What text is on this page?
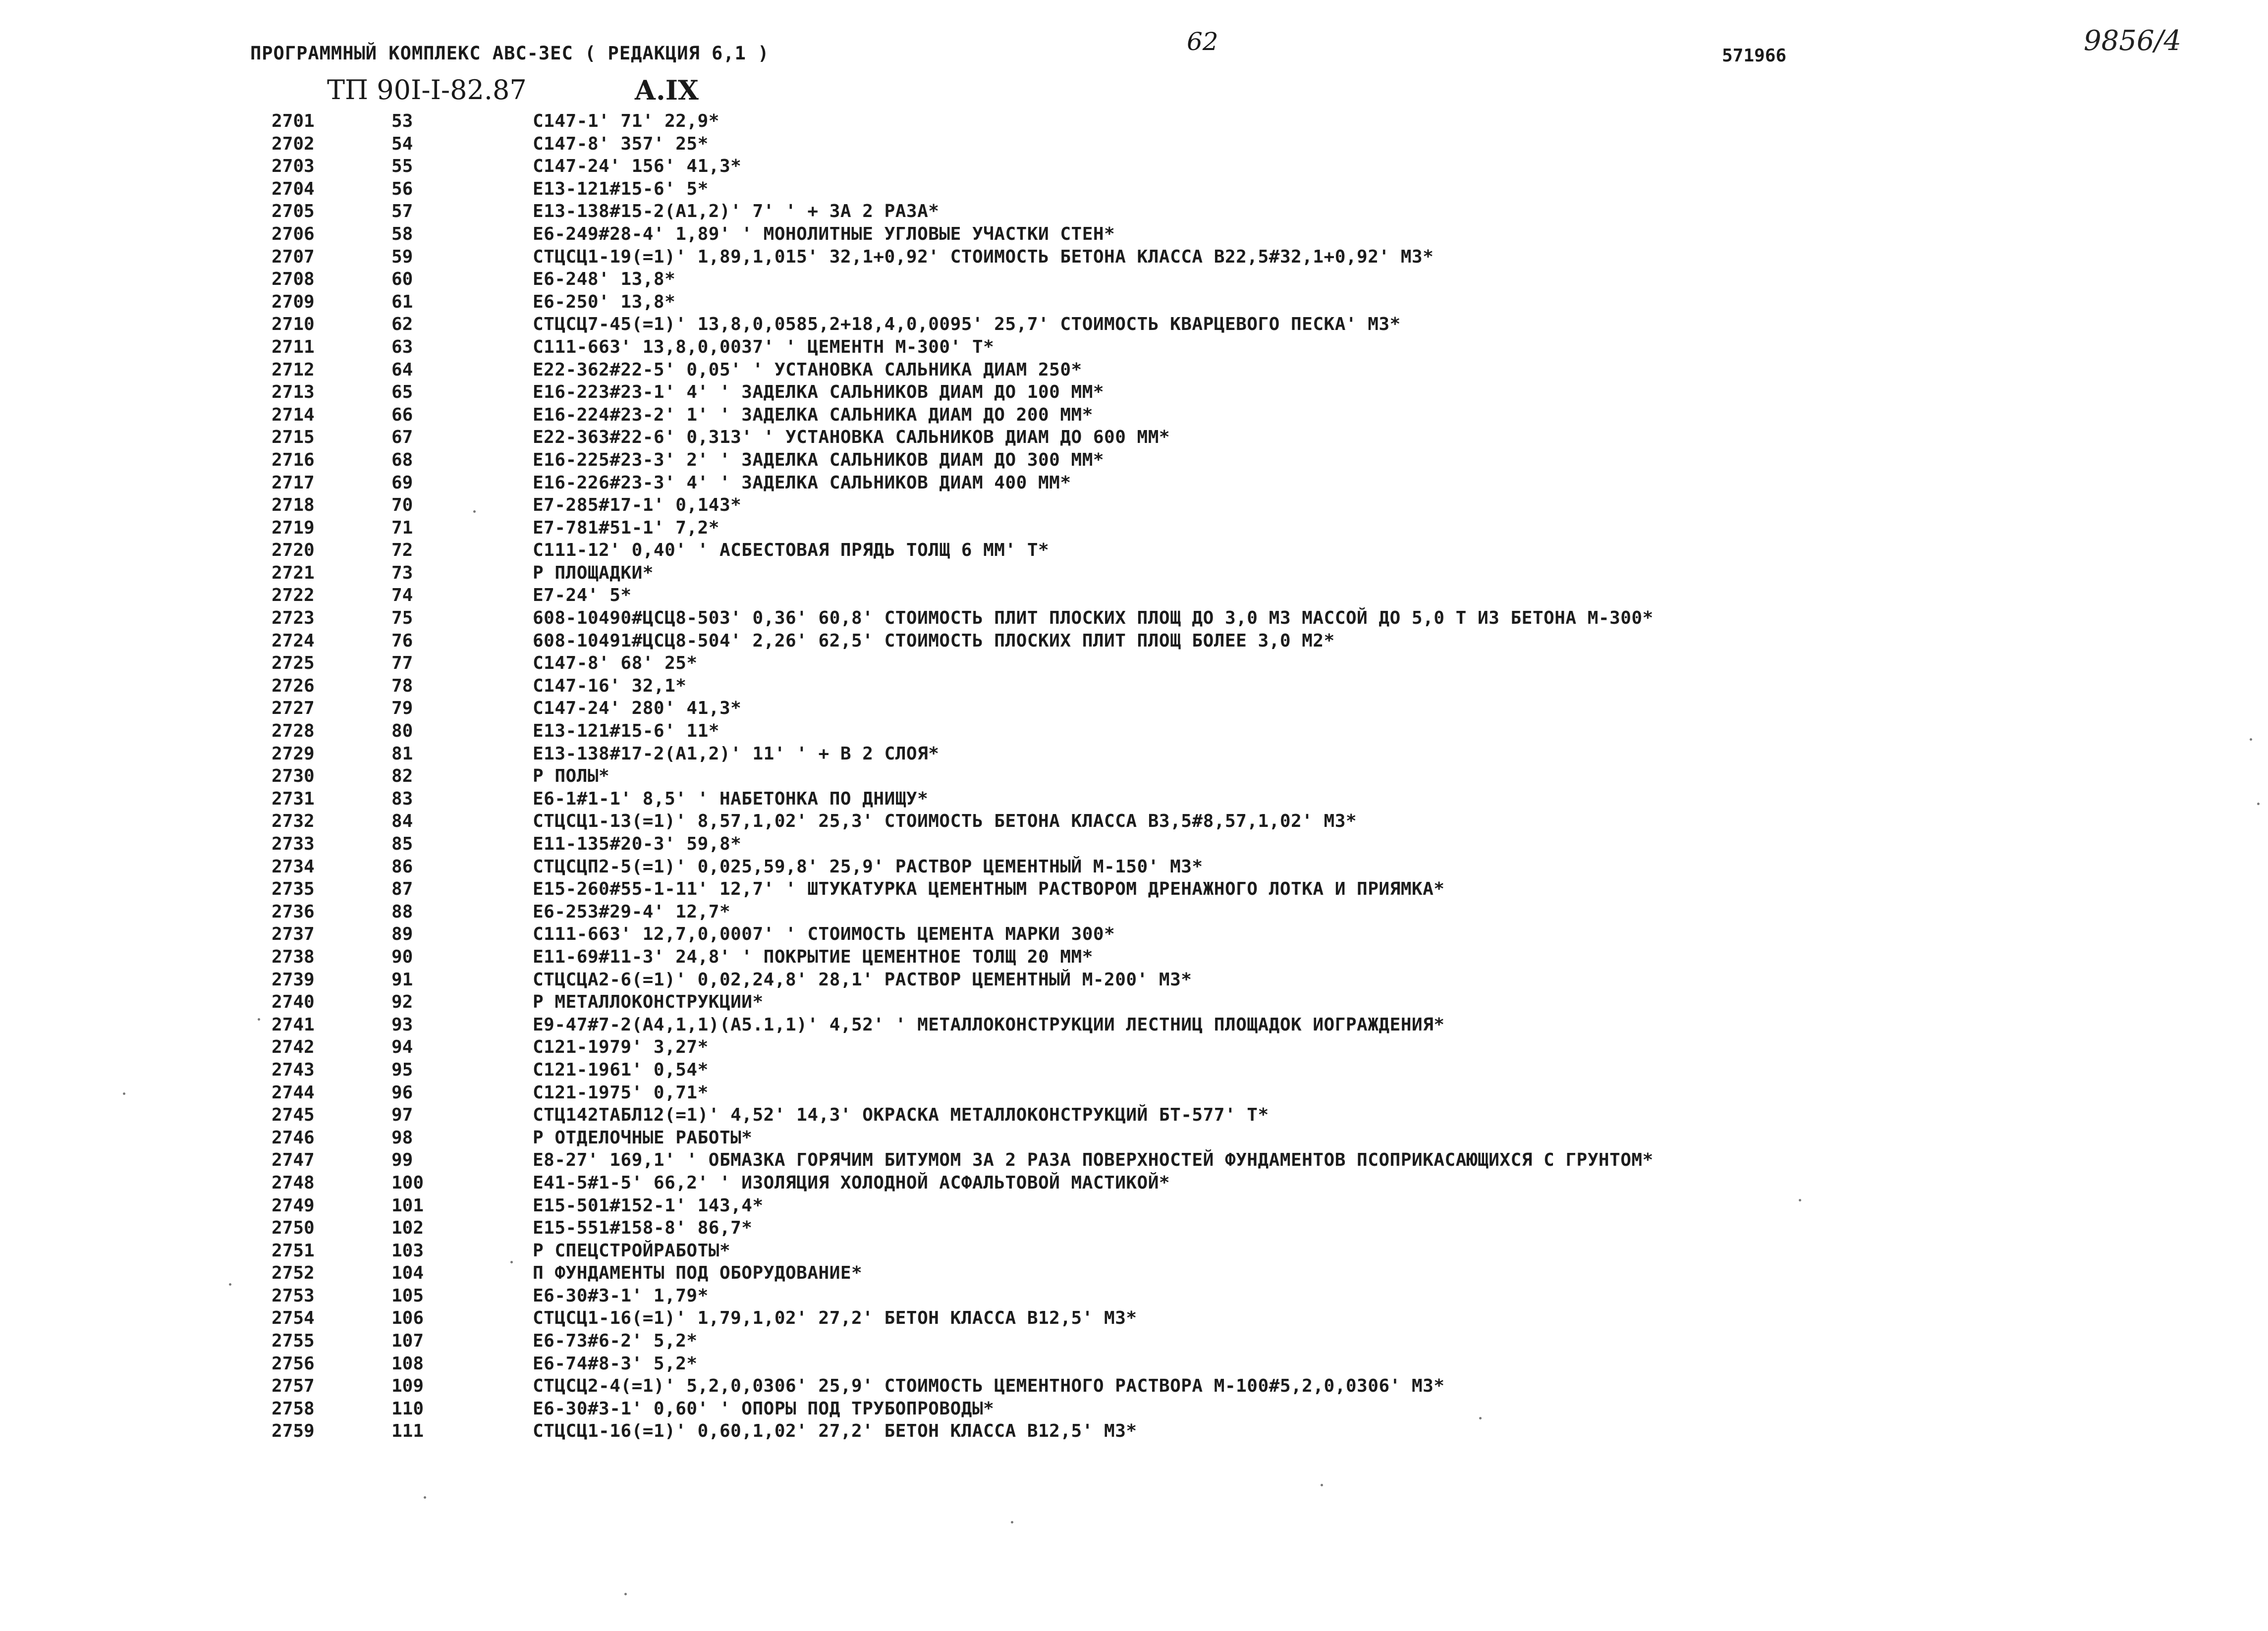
ПРОГРАММНЫЙ КОМПЛЕКС АВС-ЗЕС ( РЕДАКЦИЯ 6,1 )	62	571966	9856/4
ТП 90I-I-82.87	А.IX
2701	53	С147-1' 71' 22,9*
2702	54	С147-8' 357' 25*
2703	55	С147-24' 156' 41,3*
2704	56	Е13-121#15-6' 5*
2705	57	Е13-138#15-2(А1,2)' 7' ' + ЗА 2 РАЗА*
2706	58	Е6-249#28-4' 1,89' ' МОНОЛИТНЫЕ УГЛОВЫЕ УЧАСТКИ СТЕН*
2707	59	СТЦСЦ1-19(=1)' 1,89,1,015' 32,1+0,92' СТОИМОСТЬ БЕТОНА КЛАССА В22,5#32,1+0,92' М3*
2708	60	Е6-248' 13,8*
2709	61	Е6-250' 13,8*
2710	62	СТЦСЦ7-45(=1)' 13,8,0,0585,2+18,4,0,0095' 25,7' СТОИМОСТЬ КВАРЦЕВОГО ПЕСКА' М3*
2711	63	С111-663' 13,8,0,0037' ' ЦЕМЕНТН М-300' Т*
2712	64	Е22-362#22-5' 0,05' ' УСТАНОВКА САЛЬНИКА ДИАМ 250*
2713	65	Е16-223#23-1' 4' ' ЗАДЕЛКА САЛЬНИКОВ ДИАМ ДО 100 ММ*
2714	66	Е16-224#23-2' 1' ' ЗАДЕЛКА САЛЬНИКА ДИАМ ДО 200 ММ*
2715	67	Е22-363#22-6' 0,313' ' УСТАНОВКА САЛЬНИКОВ ДИАМ ДО 600 ММ*
2716	68	Е16-225#23-3' 2' ' ЗАДЕЛКА САЛЬНИКОВ ДИАМ ДО 300 ММ*
2717	69	Е16-226#23-3' 4' ' ЗАДЕЛКА САЛЬНИКОВ ДИАМ 400 ММ*
2718	70	Е7-285#17-1' 0,143*
2719	71	Е7-781#51-1' 7,2*
2720	72	С111-12' 0,40' ' АСБЕСТОВАЯ ПРЯДЬ ТОЛЩ 6 ММ' Т*
2721	73	Р ПЛОЩАДКИ*
2722	74	Е7-24' 5*
2723	75	608-10490#ЦСЦ8-503' 0,36' 60,8' СТОИМОСТЬ ПЛИТ ПЛОСКИХ ПЛОЩ ДО 3,0 М3 МАССОЙ ДО 5,0 Т ИЗ БЕТОНА М-300*
2724	76	608-10491#ЦСЦ8-504' 2,26' 62,5' СТОИМОСТЬ ПЛОСКИХ ПЛИТ ПЛОЩ БОЛЕЕ 3,0 М2*
2725	77	С147-8' 68' 25*
2726	78	С147-16' 32,1*
2727	79	С147-24' 280' 41,3*
2728	80	Е13-121#15-6' 11*
2729	81	Е13-138#17-2(А1,2)' 11' ' + В 2 СЛОЯ*
2730	82	Р ПОЛЫ*
2731	83	Е6-1#1-1' 8,5' ' НАБЕТОНКА ПО ДНИЩУ*
2732	84	СТЦСЦ1-13(=1)' 8,57,1,02' 25,3' СТОИМОСТЬ БЕТОНА КЛАССА В3,5#8,57,1,02' М3*
2733	85	Е11-135#20-3' 59,8*
2734	86	СТЦСЦП2-5(=1)' 0,025,59,8' 25,9' РАСТВОР ЦЕМЕНТНЫЙ М-150' М3*
2735	87	Е15-260#55-1-11' 12,7' ' ШТУКАТУРКА ЦЕМЕНТНЫМ РАСТВОРОМ ДРЕНАЖНОГО ЛОТКА И ПРИЯМКА*
2736	88	Е6-253#29-4' 12,7*
2737	89	С111-663' 12,7,0,0007' ' СТОИМОСТЬ ЦЕМЕНТА МАРКИ 300*
2738	90	Е11-69#11-3' 24,8' ' ПОКРЫТИЕ ЦЕМЕНТНОЕ ТОЛЩ 20 ММ*
2739	91	СТЦСЦА2-6(=1)' 0,02,24,8' 28,1' РАСТВОР ЦЕМЕНТНЫЙ М-200' М3*
2740	92	Р МЕТАЛЛОКОНСТРУКЦИИ*
2741	93	Е9-47#7-2(А4,1,1)(А5.1,1)' 4,52' ' МЕТАЛЛОКОНСТРУКЦИИ ЛЕСТНИЦ ПЛОЩАДОК ИОГРАЖДЕНИЯ*
2742	94	С121-1979' 3,27*
2743	95	С121-1961' 0,54*
2744	96	С121-1975' 0,71*
2745	97	СТЦ142ТАБЛ12(=1)' 4,52' 14,3' ОКРАСКА МЕТАЛЛОКОНСТРУКЦИЙ БТ-577' Т*
2746	98	Р ОТДЕЛОЧНЫЕ РАБОТЫ*
2747	99	Е8-27' 169,1' ' ОБМАЗКА ГОРЯЧИМ БИТУМОМ ЗА 2 РАЗА ПОВЕРХНОСТЕЙ ФУНДАМЕНТОВ ПСОПРИКАСАЮЩИХСЯ С ГРУНТОМ*
2748	100	Е41-5#1-5' 66,2' ' ИЗОЛЯЦИЯ ХОЛОДНОЙ АСФАЛЬТОВОЙ МАСТИКОЙ*
2749	101	Е15-501#152-1' 143,4*
2750	102	Е15-551#158-8' 86,7*
2751	103	Р СПЕЦСТРОЙРАБОТЫ*
2752	104	П ФУНДАМЕНТЫ ПОД ОБОРУДОВАНИЕ*
2753	105	Е6-30#3-1' 1,79*
2754	106	СТЦСЦ1-16(=1)' 1,79,1,02' 27,2' БЕТОН КЛАССА В12,5' М3*
2755	107	Е6-73#6-2' 5,2*
2756	108	Е6-74#8-3' 5,2*
2757	109	СТЦСЦ2-4(=1)' 5,2,0,0306' 25,9' СТОИМОСТЬ ЦЕМЕНТНОГО РАСТВОРА М-100#5,2,0,0306' М3*
2758	110	Е6-30#3-1' 0,60' ' ОПОРЫ ПОД ТРУБОПРОВОДЫ*
2759	111	СТЦСЦ1-16(=1)' 0,60,1,02' 27,2' БЕТОН КЛАССА В12,5' М3*
